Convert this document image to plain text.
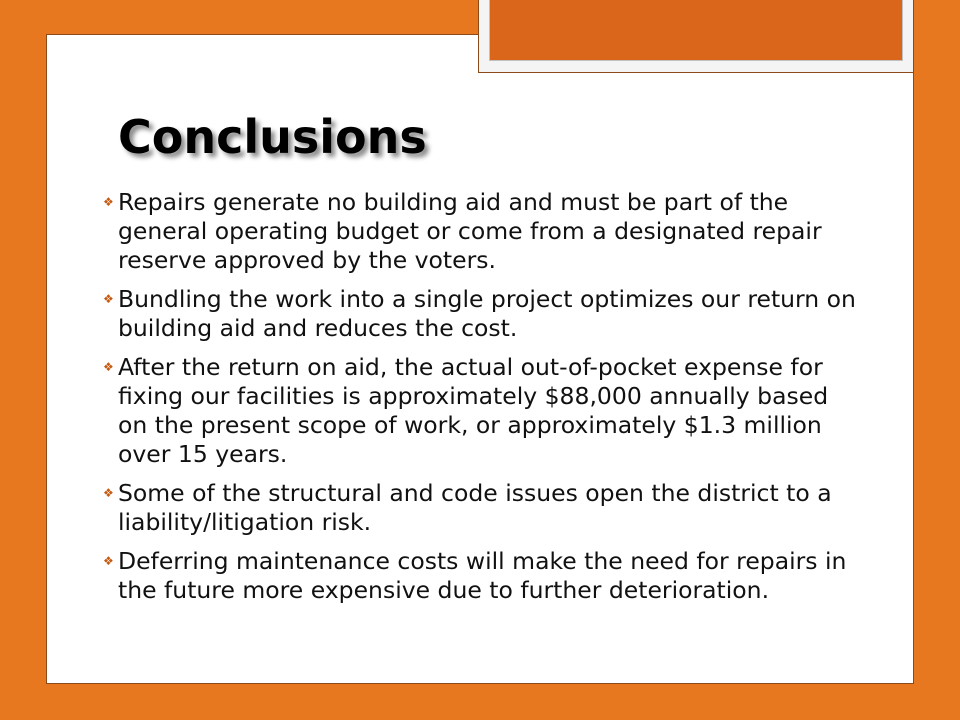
Conclusions
❖ Repairs generate no building aid and must be part of the general operating budget or come from a designated repair reserve approved by the voters.
❖ Bundling the work into a single project optimizes our return on building aid and reduces the cost.
❖ After the return on aid, the actual out-of-pocket expense for fixing our facilities is approximately $88,000 annually based on the present scope of work, or approximately $1.3 million over 15 years.
❖ Some of the structural and code issues open the district to a liability/litigation risk.
❖ Deferring maintenance costs will make the need for repairs in the future more expensive due to further deterioration.
